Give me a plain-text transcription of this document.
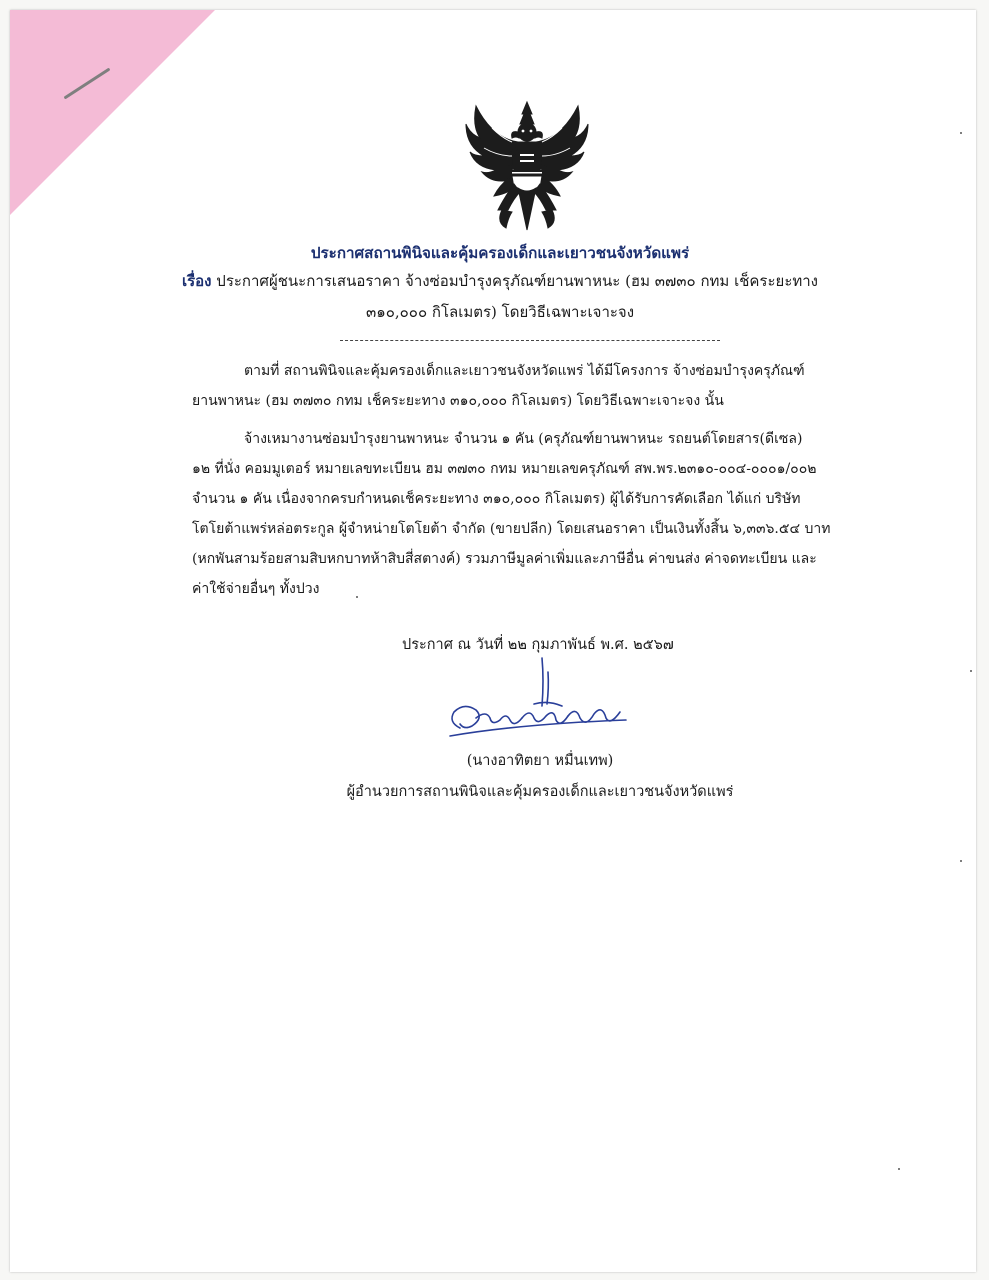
ประกาศสถานพินิจและคุ้มครองเด็กและเยาวชนจังหวัดแพร่
เรื่อง ประกาศผู้ชนะการเสนอราคา จ้างซ่อมบำรุงครุภัณฑ์ยานพาหนะ (ฮม ๓๗๓๐ กทม เช็คระยะทาง
๓๑๐,๐๐๐ กิโลเมตร) โดยวิธีเฉพาะเจาะจง
ตามที่ สถานพินิจและคุ้มครองเด็กและเยาวชนจังหวัดแพร่ ได้มีโครงการ จ้างซ่อมบำรุงครุภัณฑ์
ยานพาหนะ (ฮม ๓๗๓๐ กทม เช็คระยะทาง ๓๑๐,๐๐๐ กิโลเมตร) โดยวิธีเฉพาะเจาะจง นั้น
จ้างเหมางานซ่อมบำรุงยานพาหนะ จำนวน ๑ คัน (ครุภัณฑ์ยานพาหนะ รถยนต์โดยสาร(ดีเซล)
๑๒ ที่นั่ง คอมมูเตอร์ หมายเลขทะเบียน ฮม ๓๗๓๐ กทม หมายเลขครุภัณฑ์ สพ.พร.๒๓๑๐-๐๐๔-๐๐๐๑/๐๐๒
จำนวน ๑ คัน เนื่องจากครบกำหนดเช็คระยะทาง ๓๑๐,๐๐๐ กิโลเมตร) ผู้ได้รับการคัดเลือก ได้แก่ บริษัท
โตโยต้าแพร่หล่อตระกูล ผู้จำหน่ายโตโยต้า จำกัด (ขายปลีก) โดยเสนอราคา เป็นเงินทั้งสิ้น ๖,๓๓๖.๕๔ บาท
(หกพันสามร้อยสามสิบหกบาทห้าสิบสี่สตางค์) รวมภาษีมูลค่าเพิ่มและภาษีอื่น ค่าขนส่ง ค่าจดทะเบียน และ
ค่าใช้จ่ายอื่นๆ ทั้งปวง
ประกาศ ณ วันที่ ๒๒ กุมภาพันธ์ พ.ศ. ๒๕๖๗
(นางอาทิตยา หมื่นเทพ)
ผู้อำนวยการสถานพินิจและคุ้มครองเด็กและเยาวชนจังหวัดแพร่
